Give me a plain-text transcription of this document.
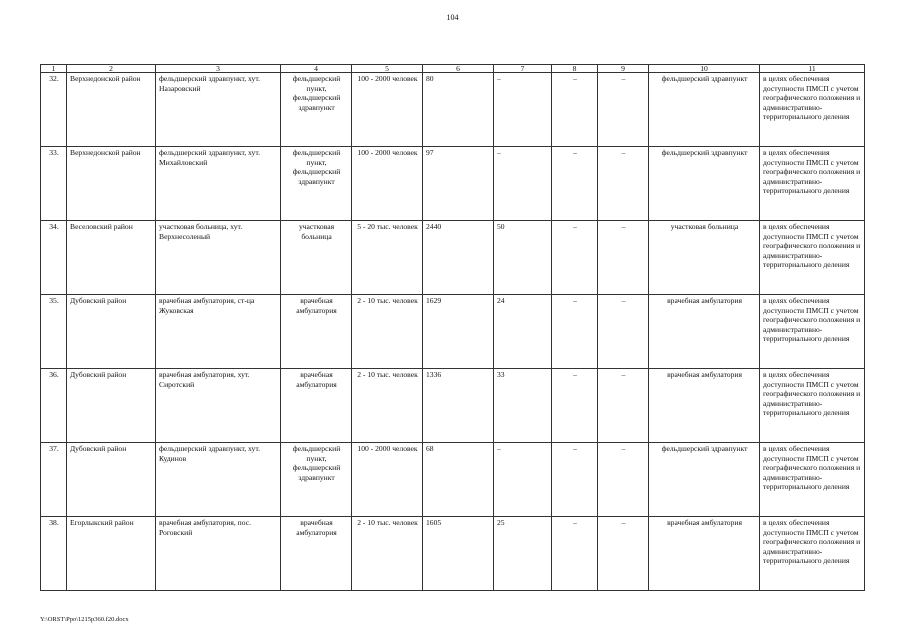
104
1	2	3	4	5	6	7	8	9	10	11
32.	Верхнедонской район	фельдшерский здравпункт, хут. Назаровский	фельдшерский пункт, фельдшерский здравпункт	100 - 2000 человек	80	–	–	–	фельдшерский здравпункт	в целях обеспечения доступности ПМСП с учетом географического положения и административно-территориального деления
33.	Верхнедонской район	фельдшерский здравпункт, хут. Михайловский	фельдшерский пункт, фельдшерский здравпункт	100 - 2000 человек	97	–	–	–	фельдшерский здравпункт	в целях обеспечения доступности ПМСП с учетом географического положения и административно-территориального деления
34.	Веселовский район	участковая больница, хут. Верхнесоленый	участковая больница	5 - 20 тыс. человек	2440	50	–	–	участковая больница	в целях обеспечения доступности ПМСП с учетом географического положения и административно-территориального деления
35.	Дубовский район	врачебная амбулатория, ст-ца Жуковская	врачебная амбулатория	2 - 10 тыс. человек	1629	24	–	–	врачебная амбулатория	в целях обеспечения доступности ПМСП с учетом географического положения и административно-территориального деления
36.	Дубовский район	врачебная амбулатория, хут. Сиротский	врачебная амбулатория	2 - 10 тыс. человек	1336	33	–	–	врачебная амбулатория	в целях обеспечения доступности ПМСП с учетом географического положения и административно-территориального деления
37.	Дубовский район	фельдшерский здравпункт, хут. Кудинов	фельдшерский пункт, фельдшерский здравпункт	100 - 2000 человек	68	–	–	–	фельдшерский здравпункт	в целях обеспечения доступности ПМСП с учетом географического положения и административно-территориального деления
38.	Егорлыкский район	врачебная амбулатория, пос. Роговский	врачебная амбулатория	2 - 10 тыс. человек	1605	25	–	–	врачебная амбулатория	в целях обеспечения доступности ПМСП с учетом географического положения и административно-территориального деления
Y:\ORST\Ppo\1215p360.f20.docx
